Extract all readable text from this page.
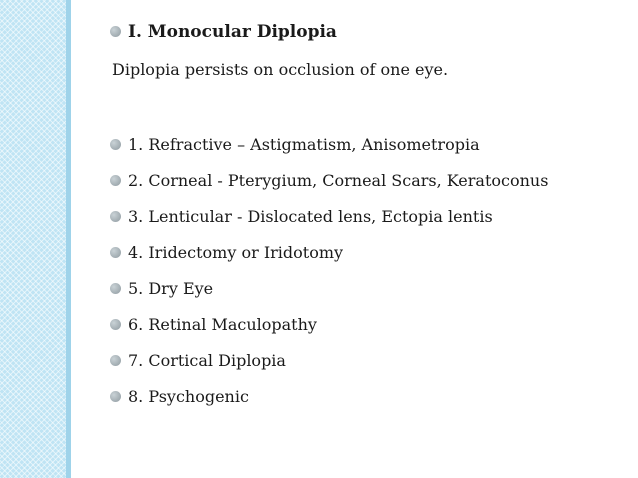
I. Monocular Diplopia
Diplopia persists on occlusion of one eye.
1. Refractive – Astigmatism, Anisometropia
2. Corneal - Pterygium, Corneal Scars, Keratoconus
3. Lenticular - Dislocated lens, Ectopia lentis
4. Iridectomy or Iridotomy
5. Dry Eye
6. Retinal Maculopathy
7. Cortical Diplopia
8. Psychogenic
